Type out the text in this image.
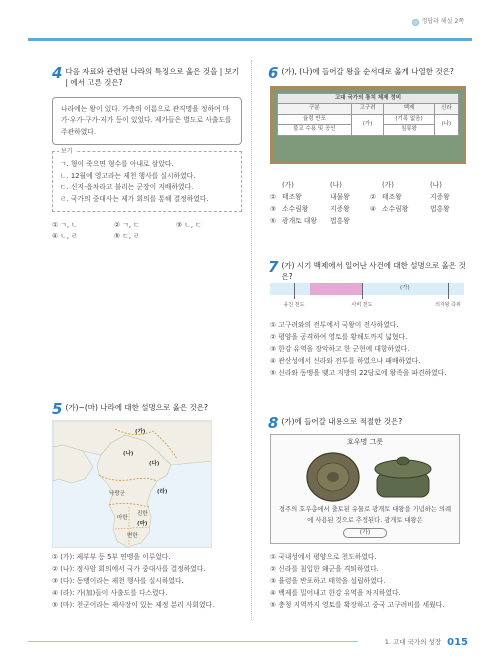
정답과 해설 2쪽
4 다음 자료와 관련된 나라의 특징으로 옳은 것을 | 보기 | 에서 고른 것은?
나라에는 왕이 있다. 가축의 이름으로 관직명을 정하여 마가·우가·구가·저가 등이 있었다. 제가들은 별도로 사출도를 주관하였다.
보기
ㄱ. 형이 죽으면 형수를 아내로 삼았다.
ㄴ. 12월에 영고라는 제천 행사를 실시하였다.
ㄷ. 신지·읍차라고 불리는 군장이 지배하였다.
ㄹ. 국가의 중대사는 제가 회의를 통해 결정하였다.
① ㄱ, ㄴ	② ㄱ, ㄷ	③ ㄴ, ㄷ
④ ㄴ, ㄹ	⑤ ㄷ, ㄹ
6 (가), (나)에 들어갈 왕을 순서대로 옳게 나열한 것은?
고대 국가의 통치 체제 정비			
구분	고구려	백제	신라
율령 반포	(가)	(기록 없음)	(나)
불교 수용 및 공인		침류왕	
(가)	(나)	(가)	(나)
① 태조왕	내물왕	② 태조왕	지증왕
③ 소수림왕	지증왕	④ 소수림왕	법흥왕
⑤ 광개토 대왕	법흥왕
7 (가) 시기 백제에서 일어난 사건에 대한 설명으로 옳은 것은?
(가)
웅진 천도	사비 천도	의자왕 즉위
① 고구려와의 전투에서 국왕이 전사하였다.
② 평양을 공격하여 영토를 황해도까지 넓혔다.
③ 한강 유역을 장악하고 한 군현에 대항하였다.
④ 관산성에서 신라와 전투를 하였으나 패배하였다.
⑤ 신라와 동맹을 맺고 지방의 22담로에 왕족을 파견하였다.
5 (가)~(마) 나라에 대한 설명으로 옳은 것은?
(가)
(나)
(다)
(라)
(마)
낙랑군
마한
진한
변한
① (가): 제부부 등 5부 연맹을 이루었다.
② (나): 정사암 회의에서 국가 중대사를 결정하였다.
③ (다): 동맹이라는 제천 행사를 실시하였다.
④ (라): 가(加)들이 사출도를 다스렸다.
⑤ (마): 천군이라는 제사장이 있는 제정 분리 사회였다.
8 (가)에 들어갈 내용으로 적절한 것은?
호우명 그릇
경주의 호우총에서 출토된 유물로 광개토 대왕을 기념하는 의례에 사용된 것으로 추정된다. 광개토 대왕은
(가)
① 국내성에서 평양으로 천도하였다.
② 신라를 침입한 왜군을 격퇴하였다.
③ 율령을 반포하고 태학을 설립하였다.
④ 백제를 밀어내고 한강 유역을 차지하였다.
⑤ 충청 지역까지 영토를 확장하고 중국 고구려비를 세웠다.
1. 고대 국가의 성장 015
